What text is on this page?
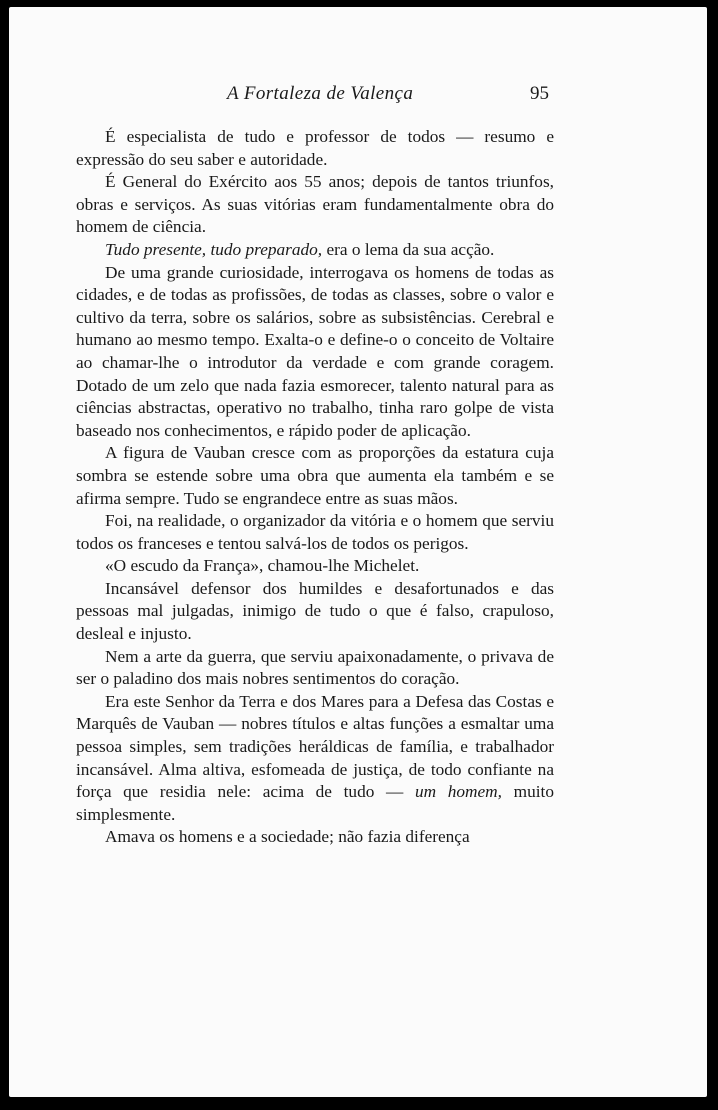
A Fortaleza de Valença	95

É especialista de tudo e professor de todos — resumo e expressão do seu saber e autoridade.

É General do Exército aos 55 anos; depois de tantos triunfos, obras e serviços. As suas vitórias eram fundamentalmente obra do homem de ciência.

Tudo presente, tudo preparado, era o lema da sua acção.

De uma grande curiosidade, interrogava os homens de todas as cidades, e de todas as profissões, de todas as classes, sobre o valor e cultivo da terra, sobre os salários, sobre as subsistências. Cerebral e humano ao mesmo tempo. Exalta-o e define-o o conceito de Voltaire ao chamar-lhe o introdutor da verdade e com grande coragem. Dotado de um zelo que nada fazia esmorecer, talento natural para as ciências abstractas, operativo no trabalho, tinha raro golpe de vista baseado nos conhecimentos, e rápido poder de aplicação.

A figura de Vauban cresce com as proporções da estatura cuja sombra se estende sobre uma obra que aumenta ela também e se afirma sempre. Tudo se engrandece entre as suas mãos.

Foi, na realidade, o organizador da vitória e o homem que serviu todos os franceses e tentou salvá-los de todos os perigos.

«O escudo da França», chamou-lhe Michelet.

Incansável defensor dos humildes e desafortunados e das pessoas mal julgadas, inimigo de tudo o que é falso, crapuloso, desleal e injusto.

Nem a arte da guerra, que serviu apaixonadamente, o privava de ser o paladino dos mais nobres sentimentos do coração.

Era este Senhor da Terra e dos Mares para a Defesa das Costas e Marquês de Vauban — nobres títulos e altas funções a esmaltar uma pessoa simples, sem tradições heráldicas de família, e trabalhador incansável. Alma altiva, esfomeada de justiça, de todo confiante na força que residia nele: acima de tudo — um homem, muito simplesmente.

Amava os homens e a sociedade; não fazia diferença
